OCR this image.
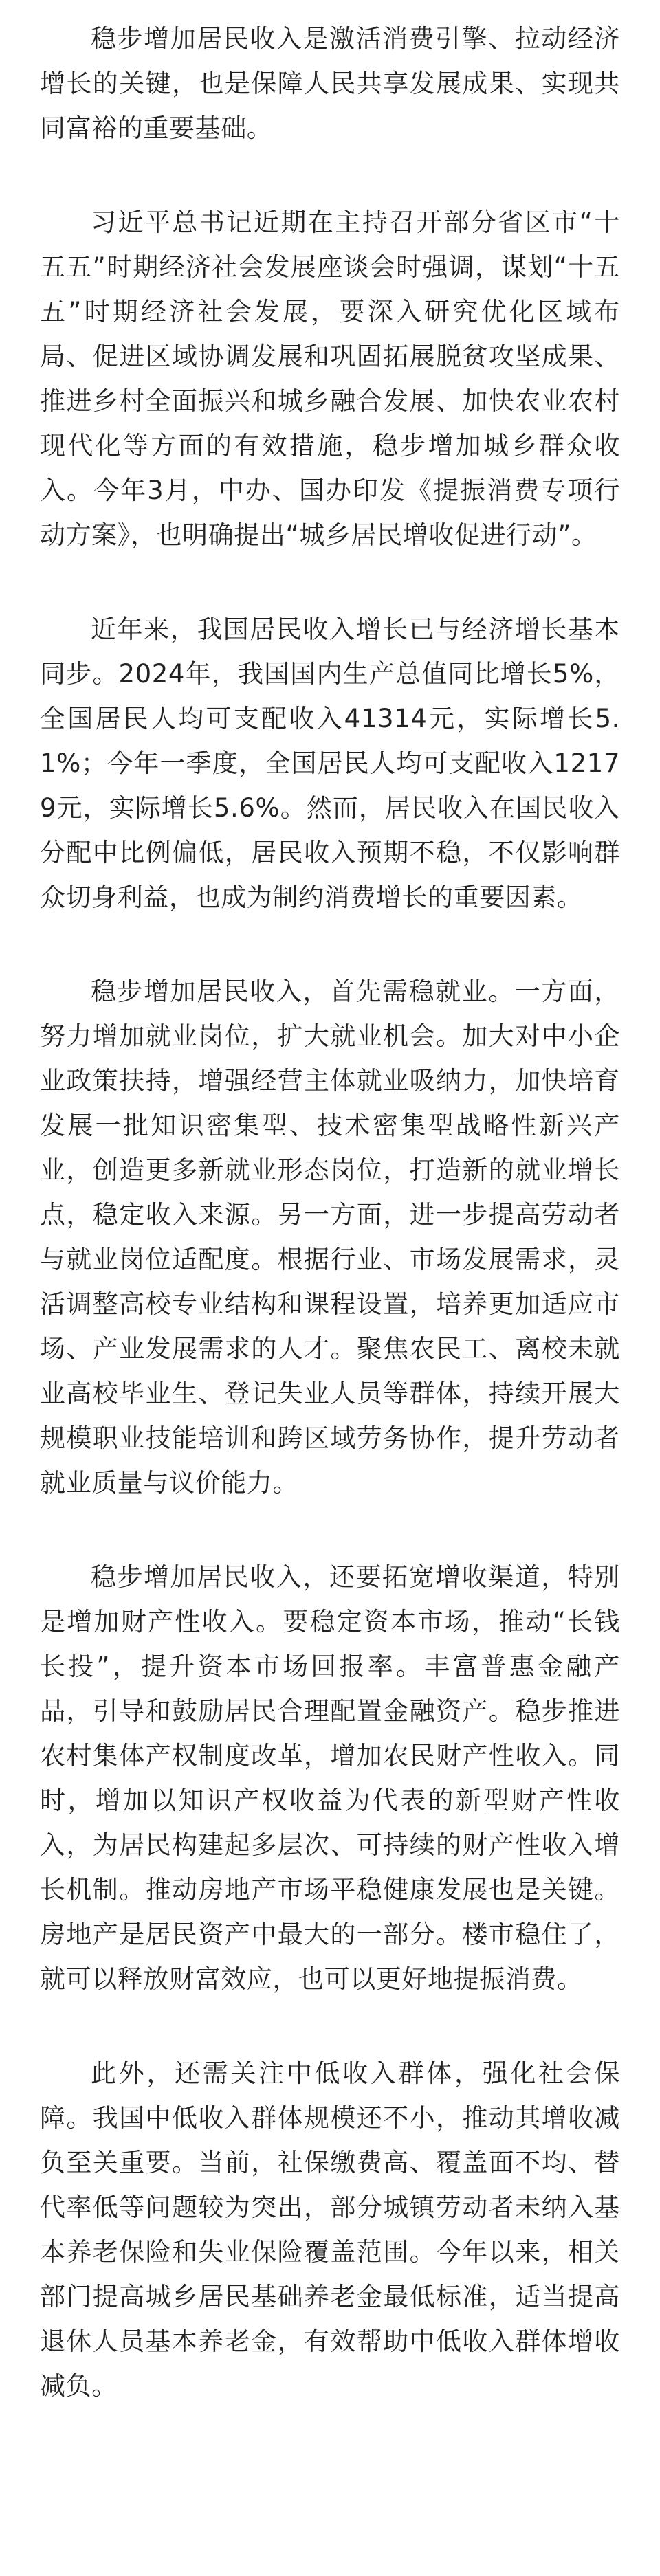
稳步增加居民收入是激活消费引擎、拉动经济增长的关键，也是保障人民共享发展成果、实现共同富裕的重要基础。

习近平总书记近期在主持召开部分省区市“十五五”时期经济社会发展座谈会时强调，谋划“十五五”时期经济社会发展，要深入研究优化区域布局、促进区域协调发展和巩固拓展脱贫攻坚成果、推进乡村全面振兴和城乡融合发展、加快农业农村现代化等方面的有效措施，稳步增加城乡群众收入。今年3月，中办、国办印发《提振消费专项行动方案》，也明确提出“城乡居民增收促进行动”。

近年来，我国居民收入增长已与经济增长基本同步。2024年，我国国内生产总值同比增长5%，全国居民人均可支配收入41314元，实际增长5.1%；今年一季度，全国居民人均可支配收入12179元，实际增长5.6%。然而，居民收入在国民收入分配中比例偏低，居民收入预期不稳，不仅影响群众切身利益，也成为制约消费增长的重要因素。

稳步增加居民收入，首先需稳就业。一方面，努力增加就业岗位，扩大就业机会。加大对中小企业政策扶持，增强经营主体就业吸纳力，加快培育发展一批知识密集型、技术密集型战略性新兴产业，创造更多新就业形态岗位，打造新的就业增长点，稳定收入来源。另一方面，进一步提高劳动者与就业岗位适配度。根据行业、市场发展需求，灵活调整高校专业结构和课程设置，培养更加适应市场、产业发展需求的人才。聚焦农民工、离校未就业高校毕业生、登记失业人员等群体，持续开展大规模职业技能培训和跨区域劳务协作，提升劳动者就业质量与议价能力。

稳步增加居民收入，还要拓宽增收渠道，特别是增加财产性收入。要稳定资本市场，推动“长钱长投”，提升资本市场回报率。丰富普惠金融产品，引导和鼓励居民合理配置金融资产。稳步推进农村集体产权制度改革，增加农民财产性收入。同时，增加以知识产权收益为代表的新型财产性收入，为居民构建起多层次、可持续的财产性收入增长机制。推动房地产市场平稳健康发展也是关键。房地产是居民资产中最大的一部分。楼市稳住了，就可以释放财富效应，也可以更好地提振消费。

此外，还需关注中低收入群体，强化社会保障。我国中低收入群体规模还不小，推动其增收减负至关重要。当前，社保缴费高、覆盖面不均、替代率低等问题较为突出，部分城镇劳动者未纳入基本养老保险和失业保险覆盖范围。今年以来，相关部门提高城乡居民基础养老金最低标准，适当提高退休人员基本养老金，有效帮助中低收入群体增收减负。
